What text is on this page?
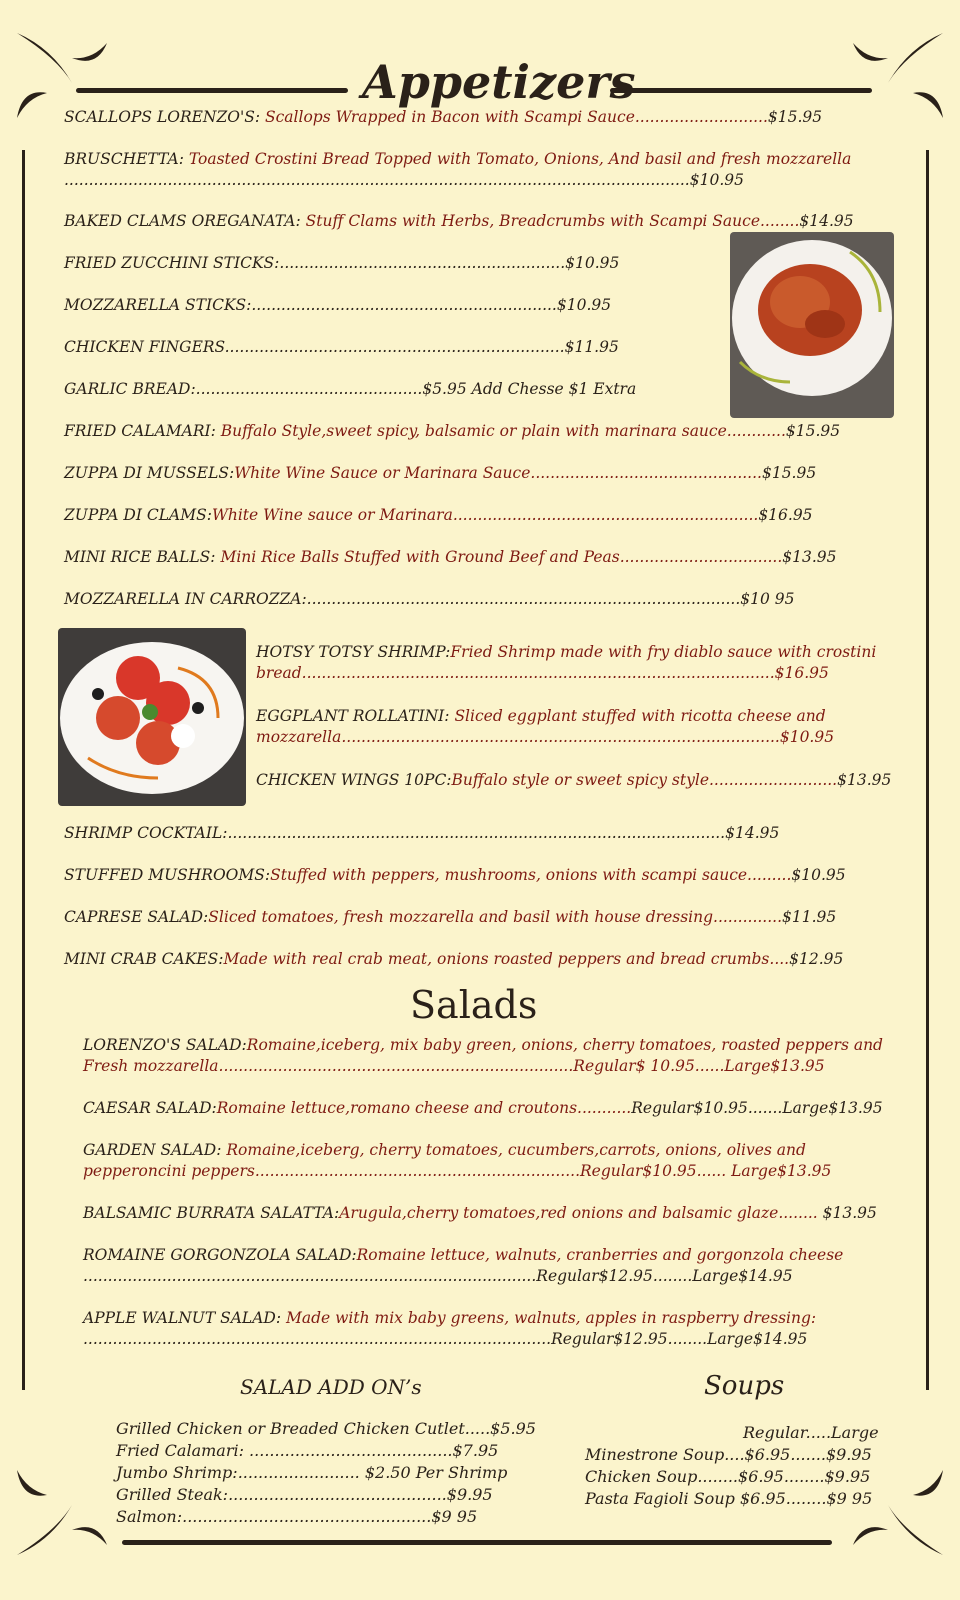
Appetizers
SCALLOPS LORENZO'S: Scallops Wrapped in Bacon with Scampi Sauce...........................$15.95
BRUSCHETTA: Toasted Crostini Bread Topped with Tomato, Onions, And basil and fresh mozzarella
...............................................................................................................................$10.95
BAKED CLAMS OREGANATA: Stuff Clams with Herbs, Breadcrumbs with Scampi Sauce........$14.95
FRIED ZUCCHINI STICKS:..........................................................$10.95
MOZZARELLA STICKS:..............................................................$10.95
CHICKEN FINGERS.....................................................................$11.95
GARLIC BREAD:..............................................$5.95 Add Chesse $1 Extra
FRIED CALAMARI: Buffalo Style,sweet spicy, balsamic or plain with marinara sauce............$15.95
ZUPPA DI MUSSELS:White Wine Sauce or Marinara Sauce...............................................$15.95
ZUPPA DI CLAMS:White Wine sauce or Marinara..............................................................$16.95
MINI RICE BALLS: Mini Rice Balls Stuffed with Ground Beef and Peas.................................$13.95
MOZZARELLA IN CARROZZA:........................................................................................$10 95
HOTSY TOTSY SHRIMP:Fried Shrimp made with fry diablo sauce with crostini
bread................................................................................................$16.95
EGGPLANT ROLLATINI: Sliced eggplant stuffed with ricotta cheese and
mozzarella.........................................................................................$10.95
CHICKEN WINGS 10PC:Buffalo style or sweet spicy style..........................$13.95
SHRIMP COCKTAIL:.....................................................................................................$14.95
STUFFED MUSHROOMS:Stuffed with peppers, mushrooms, onions with scampi sauce.........$10.95
CAPRESE SALAD:Sliced tomatoes, fresh mozzarella and basil with house dressing..............$11.95
MINI CRAB CAKES:Made with real crab meat, onions roasted peppers and bread crumbs....$12.95
Salads
LORENZO'S SALAD:Romaine,iceberg, mix baby green, onions, cherry tomatoes, roasted peppers and
Fresh mozzarella........................................................................Regular$ 10.95......Large$13.95
CAESAR SALAD:Romaine lettuce,romano cheese and croutons...........Regular$10.95.......Large$13.95
GARDEN SALAD: Romaine,iceberg, cherry tomatoes, cucumbers,carrots, onions, olives and
pepperoncini peppers..................................................................Regular$10.95...... Large$13.95
BALSAMIC BURRATA SALATTA:Arugula,cherry tomatoes,red onions and balsamic glaze........ $13.95
ROMAINE GORGONZOLA SALAD:Romaine lettuce, walnuts, cranberries and gorgonzola cheese
............................................................................................Regular$12.95........Large$14.95
APPLE WALNUT SALAD: Made with mix baby greens, walnuts, apples in raspberry dressing:
...............................................................................................Regular$12.95........Large$14.95
SALAD ADD ON’s
Grilled Chicken or Breaded Chicken Cutlet.....$5.95
Fried Calamari: ........................................$7.95
Jumbo Shrimp:........................ $2.50 Per Shrimp
Grilled Steak:...........................................$9.95
Salmon:.................................................$9 95
Soups
Regular.....Large
Minestrone Soup....$6.95.......$9.95
Chicken Soup........$6.95........$9.95
Pasta Fagioli Soup $6.95........$9 95
